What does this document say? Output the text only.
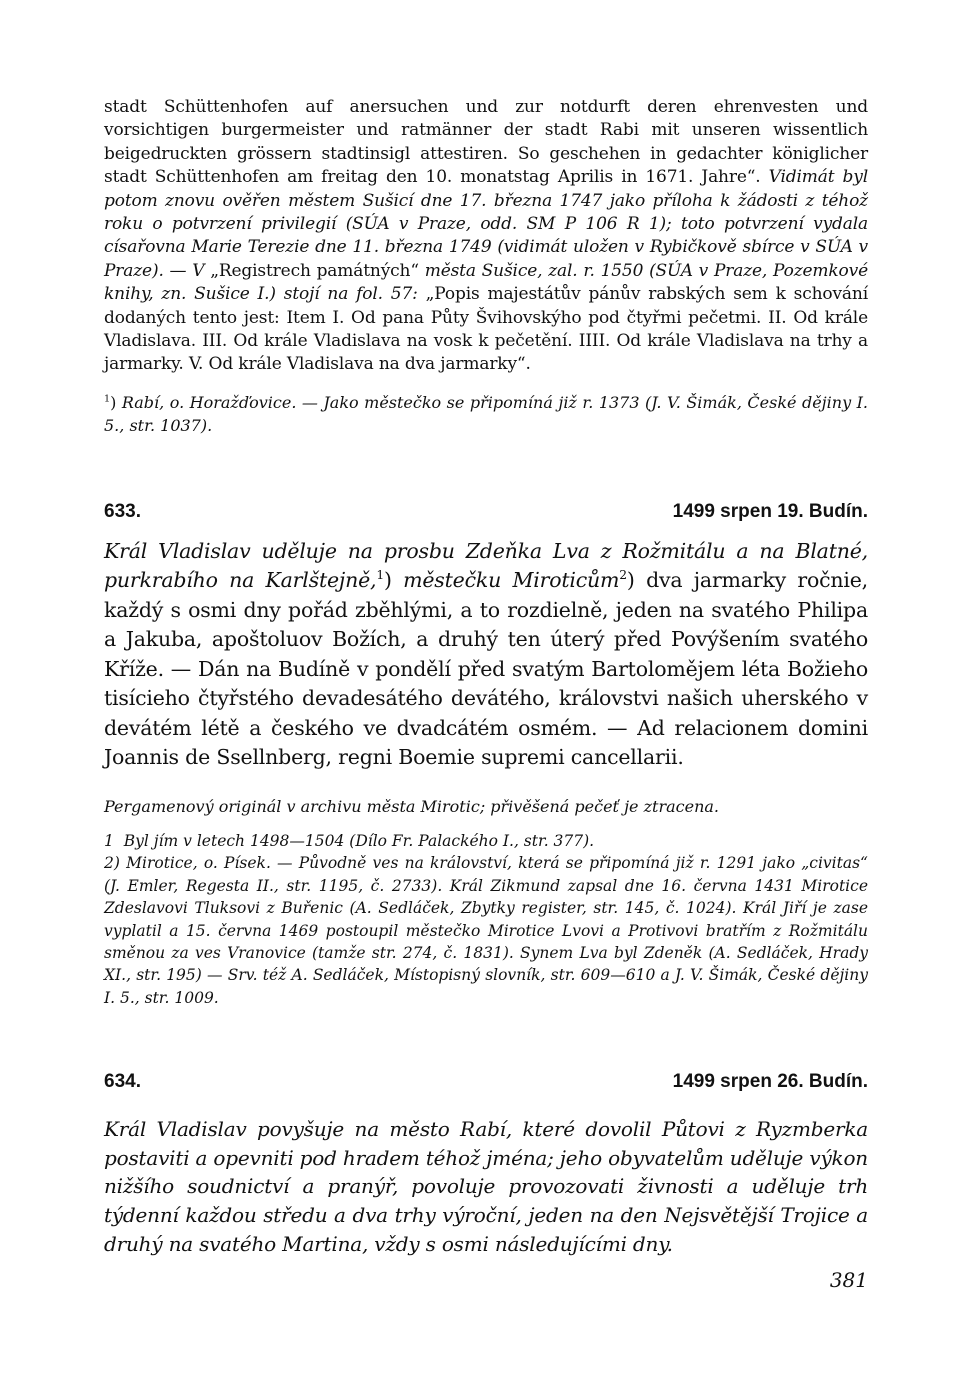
stadt Schüttenhofen auf anersuchen und zur notdurft deren ehrenvesten und vorsichtigen burgermeister und ratmänner der stadt Rabi mit unseren wissentlich beigedruckten grössern stadtinsigl attestiren. So geschehen in gedachter königlicher stadt Schüttenhofen am freitag den 10. monatstag Aprilis in 1671. Jahre“. Vidimát byl potom znovu ověřen městem Sušicí dne 17. března 1747 jako příloha k žádosti z téhož roku o potvrzení privilegií (SÚA v Praze, odd. SM P 106 R 1); toto potvrzení vydala císařovna Marie Terezie dne 11. března 1749 (vidimát uložen v Rybičkově sbírce v SÚA v Praze). — V „Registrech památných“ města Sušice, zal. r. 1550 (SÚA v Praze, Pozemkové knihy, zn. Sušice I.) stojí na fol. 57: „Popis majestátův pánův rabských sem k schování dodaných tento jest: Item I. Od pana Půty Švihovskýho pod čtyřmi pečetmi. II. Od krále Vladislava. III. Od krále Vladislava na vosk k pečetění. IIII. Od krále Vladislava na trhy a jarmarky. V. Od krále Vladislava na dva jarmarky“.

$^1$) Rabí, o. Horažďovice. — Jako městečko se připomíná již r. 1373 (J. V. Šimák, České dějiny I. 5., str. 1037).

633.	1499 srpen 19. Budín.

Král Vladislav uděluje na prosbu Zdeňka Lva z Rožmitálu a na Blatné, purkrabího na Karlštejně,$^1$) městečku Miroticům$^2$) dva jarmarky ročnie, každý s osmi dny pořád zběhlými, a to rozdielně, jeden na svatého Philipa a Jakuba, apoštoluov Božích, a druhý ten úterý před Povýšením svatého Kříže. — Dán na Budíně v pondělí před svatým Bartolomějem léta Božieho tisícieho čtyřstého devadesátého devátého, královstvi našich uherského v devátém létě a českého ve dvadcátém osmém. — Ad relacionem domini Joannis de Ssellnberg, regni Boemie supremi cancellarii.

Pergamenový originál v archivu města Mirotic; přivěšená pečeť je ztracena.

1 Byl jím v letech 1498—1504 (Dílo Fr. Palackého I., str. 377).

2) Mirotice, o. Písek. — Původně ves na království, která se připomíná již r. 1291 jako „civitas“ (J. Emler, Regesta II., str. 1195, č. 2733). Král Zikmund zapsal dne 16. června 1431 Mirotice Zdeslavovi Tluksovi z Buřenic (A. Sedláček, Zbytky register, str. 145, č. 1024). Král Jiří je zase vyplatil a 15. června 1469 postoupil městečko Mirotice Lvovi a Protivovi bratřím z Rožmitálu směnou za ves Vranovice (tamže str. 274, č. 1831). Synem Lva byl Zdeněk (A. Sedláček, Hrady XI., str. 195) — Srv. též A. Sedláček, Místopisný slovník, str. 609—610 a J. V. Šimák, České dějiny I. 5., str. 1009.

634.	1499 srpen 26. Budín.
Král Vladislav povyšuje na město Rabí, které dovolil Půtovi z Ryzmberka postaviti a opevniti pod hradem téhož jména; jeho obyvatelům uděluje výkon nižšího soudnictví a pranýř, povoluje provozovati živnosti a uděluje trh týdenní každou středu a dva trhy výroční, jeden na den Nejsvětější Trojice a druhý na svatého Martina, vždy s osmi následujícími dny.
381
